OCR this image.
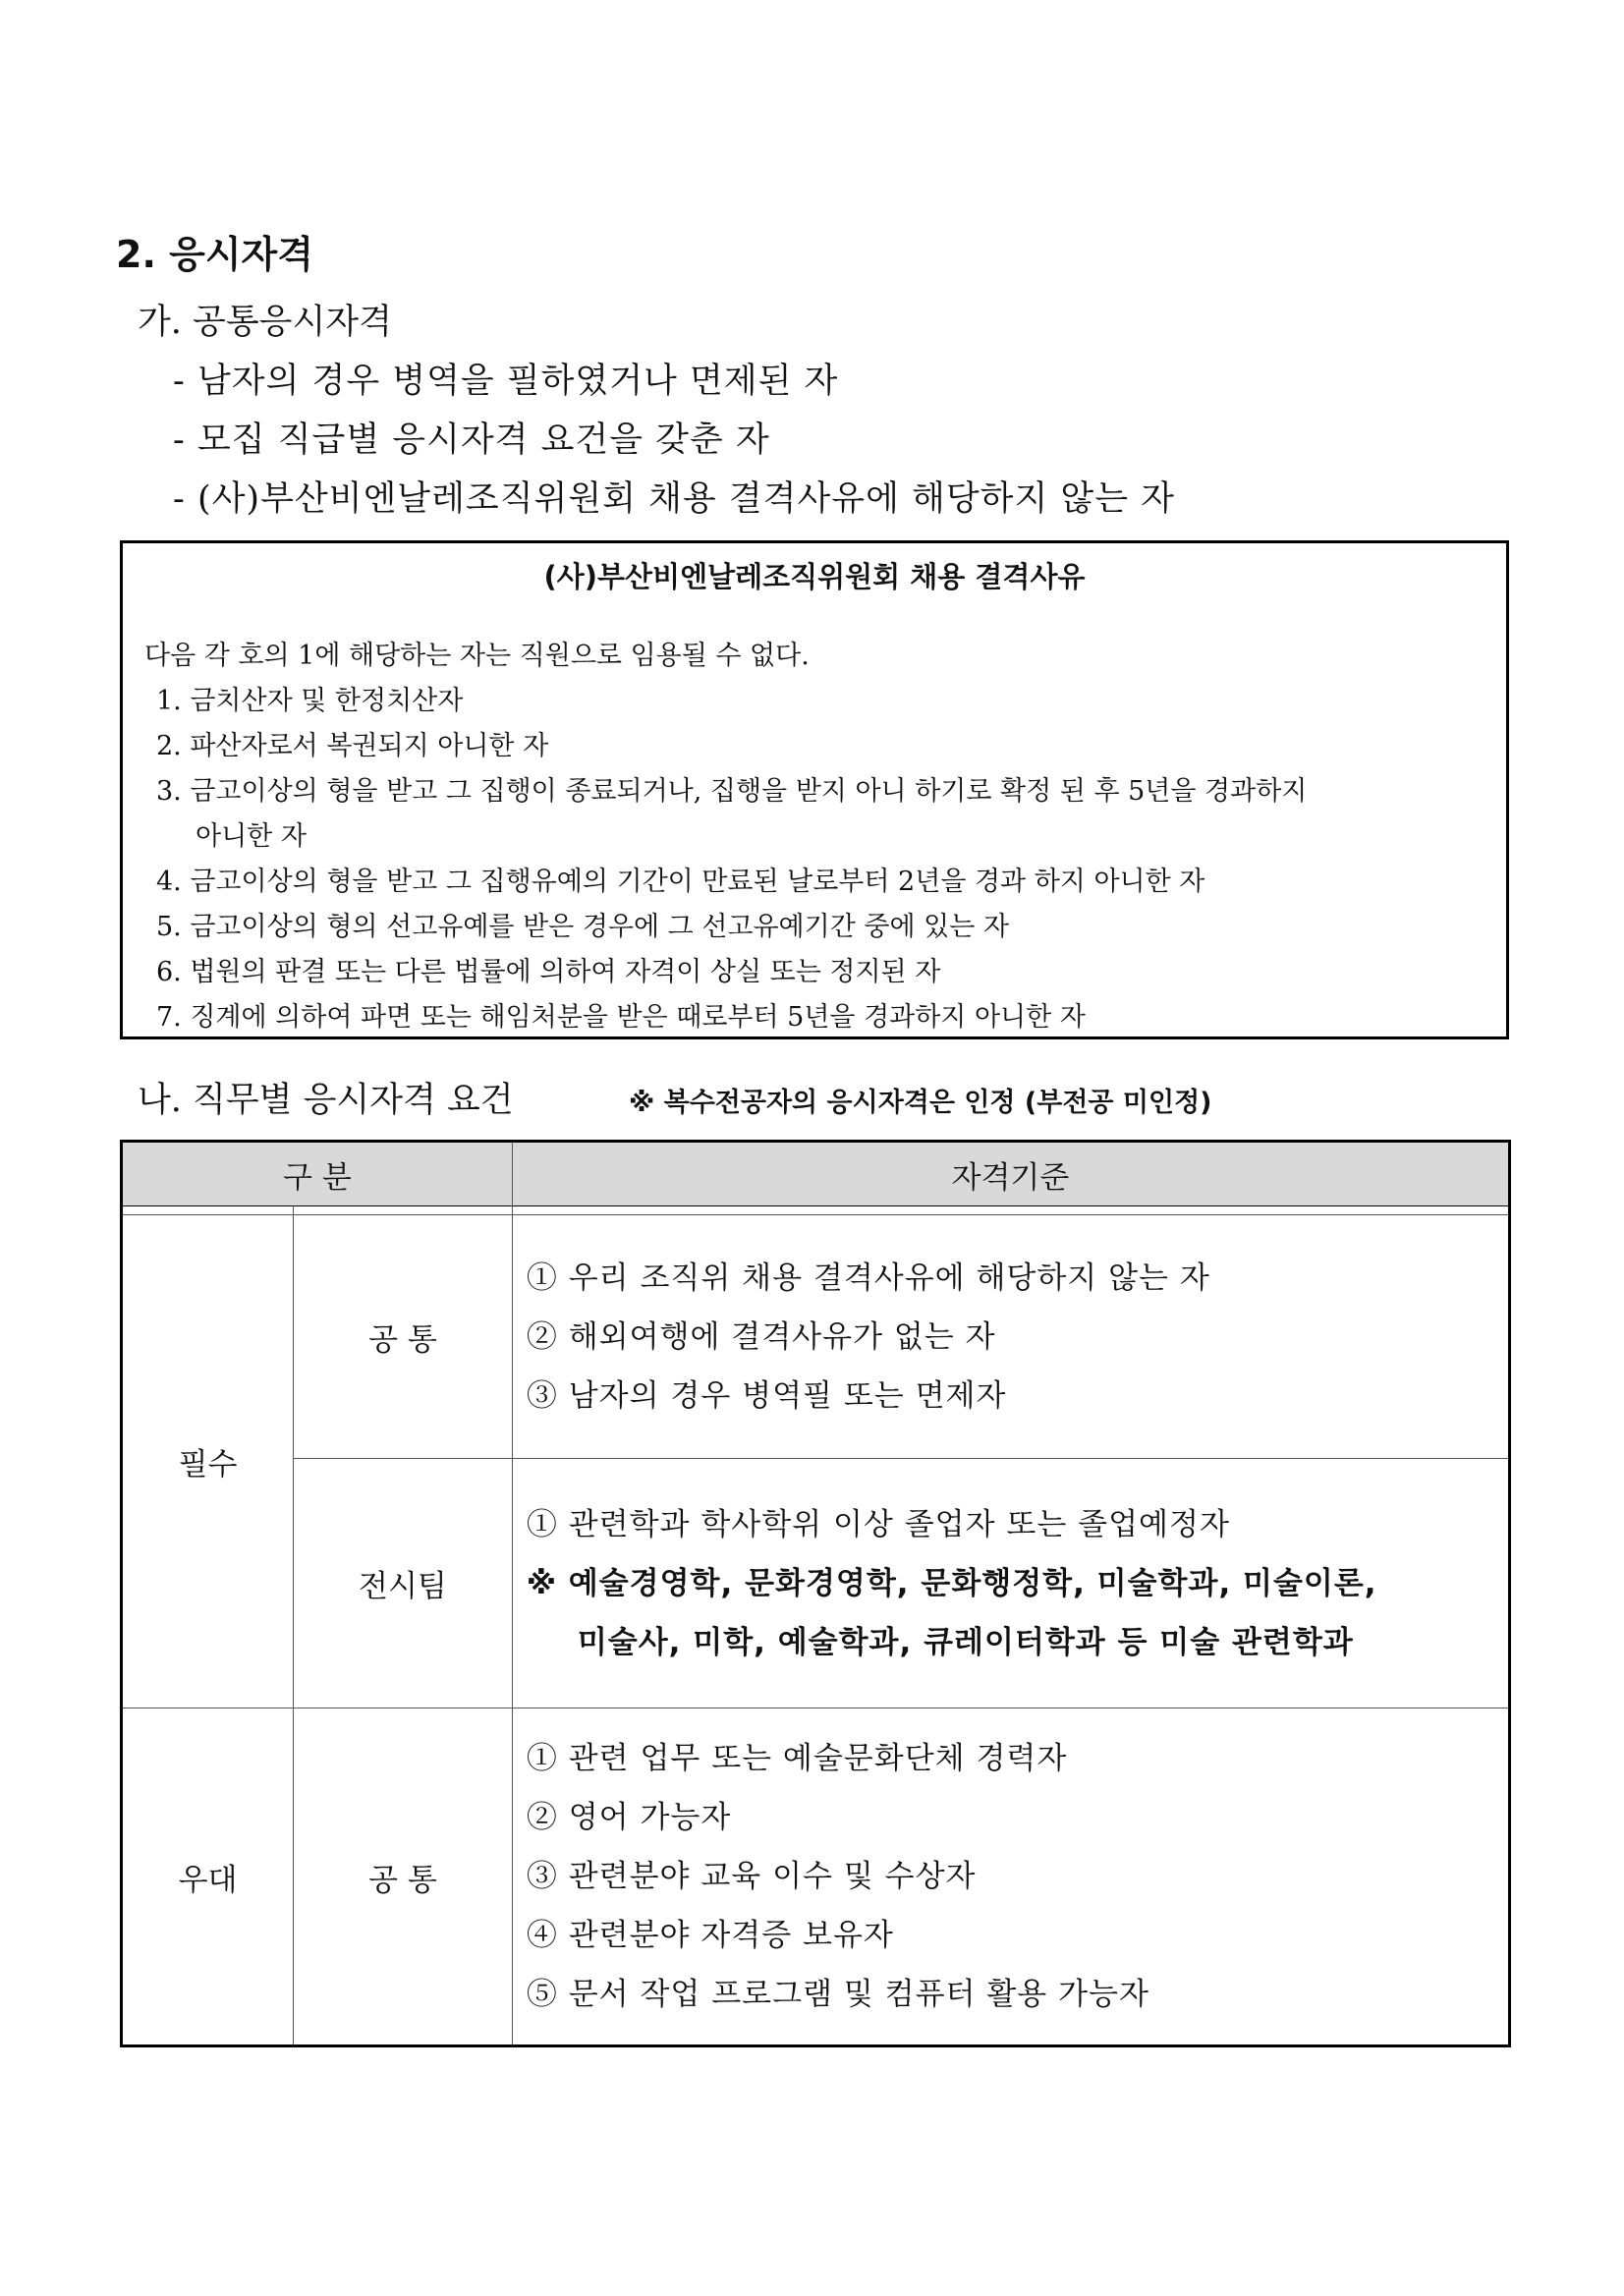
2. 응시자격
가. 공통응시자격
- 남자의 경우 병역을 필하였거나 면제된 자
- 모집 직급별 응시자격 요건을 갖춘 자
- (사)부산비엔날레조직위원회 채용 결격사유에 해당하지 않는 자
(사)부산비엔날레조직위원회 채용 결격사유
다음 각 호의 1에 해당하는 자는 직원으로 임용될 수 없다.
1. 금치산자 및 한정치산자
2. 파산자로서 복권되지 아니한 자
3. 금고이상의 형을 받고 그 집행이 종료되거나, 집행을 받지 아니 하기로 확정 된 후 5년을 경과하지
아니한 자
4. 금고이상의 형을 받고 그 집행유예의 기간이 만료된 날로부터 2년을 경과 하지 아니한 자
5. 금고이상의 형의 선고유예를 받은 경우에 그 선고유예기간 중에 있는 자
6. 법원의 판결 또는 다른 법률에 의하여 자격이 상실 또는 정지된 자
7. 징계에 의하여 파면 또는 해임처분을 받은 때로부터 5년을 경과하지 아니한 자
나. 직무별 응시자격 요건	※ 복수전공자의 응시자격은 인정 (부전공 미인정)
구 분		자격기준

필수	공 통	① 우리 조직위 채용 결격사유에 해당하지 않는 자
② 해외여행에 결격사유가 없는 자
③ 남자의 경우 병역필 또는 면제자

	전시팀	① 관련학과 학사학위 이상 졸업자 또는 졸업예정자
※ 예술경영학, 문화경영학, 문화행정학, 미술학과, 미술이론,
미술사, 미학, 예술학과, 큐레이터학과 등 미술 관련학과

우대	공 통	① 관련 업무 또는 예술문화단체 경력자
② 영어 가능자
③ 관련분야 교육 이수 및 수상자
④ 관련분야 자격증 보유자
⑤ 문서 작업 프로그램 및 컴퓨터 활용 가능자
